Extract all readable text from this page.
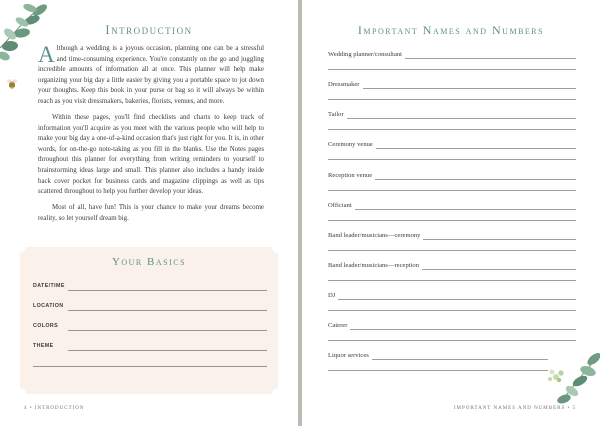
Introduction

Although a wedding is a joyous occasion, planning one can be a stressful and time-consuming experience. You're constantly on the go and juggling incredible amounts of information all at once. This planner will help make organizing your big day a little easier by giving you a portable space to jot down your thoughts. Keep this book in your purse or bag so it will always be within reach as you visit dressmakers, bakeries, florists, venues, and more.

Within these pages, you'll find checklists and charts to keep track of information you'll acquire as you meet with the various people who will help to make your big day a one-of-a-kind occasion that's just right for you. It is, in other words, for on-the-go note-taking as you fill in the blanks. Use the Notes pages throughout this planner for everything from writing reminders to yourself to brainstorming ideas large and small. This planner also includes a handy inside back cover pocket for business cards and magazine clippings as well as tips scattered throughout to help you further develop your ideas.

Most of all, have fun! This is your chance to make your dreams become reality, so let yourself dream big.

Your Basics
DATE/TIME
LOCATION
COLORS
THEME
4 • INTRODUCTION
Important Names and Numbers
Wedding planner/consultant
Dressmaker
Tailor
Ceremony venue
Reception venue
Officiant
Band leader/musicians—ceremony
Band leader/musicians—reception
DJ
Caterer
Liquor services
IMPORTANT NAMES AND NUMBERS • 5
